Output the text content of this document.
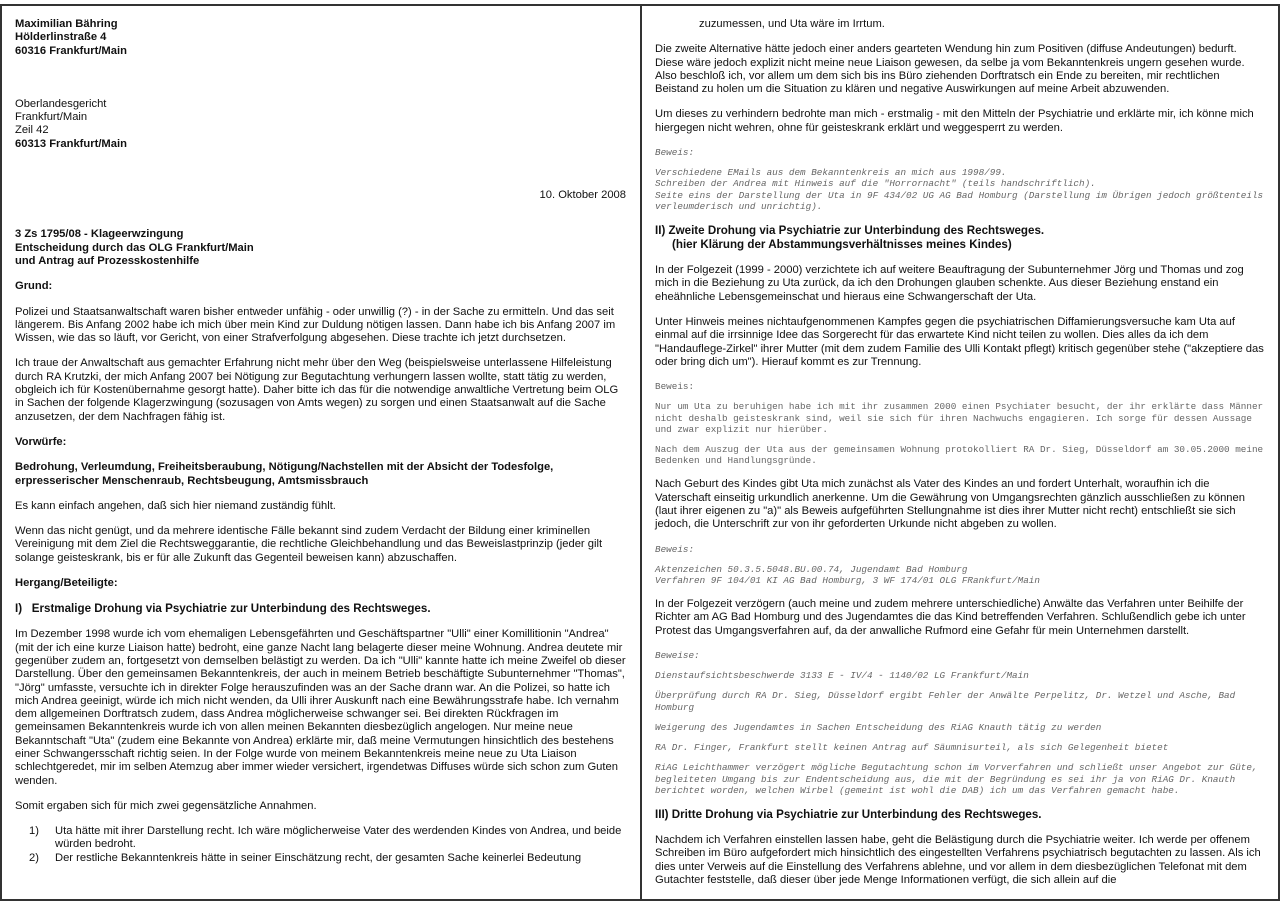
Maximilian Bähring

Hölderlinstraße 4

60316 Frankfurt/Main

Oberlandesgericht

Frankfurt/Main

Zeil 42

60313 Frankfurt/Main

10. Oktober 2008

3 Zs 1795/08 - Klageerwzingung

Entscheidung durch das OLG Frankfurt/Main

und Antrag auf Prozesskostenhilfe

Grund:

Polizei und Staatsanwaltschaft waren bisher entweder unfähig - oder unwillig (?) - in der Sache zu ermitteln. Und das seit längerem. Bis Anfang 2002 habe ich mich über mein Kind zur Duldung nötigen lassen. Dann habe ich bis Anfang 2007 im Wissen, wie das so läuft, vor Gericht, von einer Strafverfolgung abgesehen. Diese trachte ich jetzt durchsetzen.

Ich traue der Anwaltschaft aus gemachter Erfahrung nicht mehr über den Weg (beispielsweise unterlassene Hilfeleistung durch RA Krutzki, der mich Anfang 2007 bei Nötigung zur Begutachtung verhungern lassen wollte, statt tätig zu werden, obgleich ich für Kostenübernahme gesorgt hatte). Daher bitte ich das für die notwendige anwaltliche Vertretung beim OLG in Sachen der folgende Klagerzwingung (sozusagen von Amts wegen) zu sorgen und einen Staatsanwalt auf die Sache anzusetzen, der dem Nachfragen fähig ist.

Vorwürfe:

Bedrohung, Verleumdung, Freiheitsberaubung, Nötigung/Nachstellen mit der Absicht der Todesfolge, erpresserischer Menschenraub, Rechtsbeugung, Amtsmissbrauch

Es kann einfach angehen, daß sich hier niemand zuständig fühlt.

Wenn das nicht genügt, und da mehrere identische Fälle bekannt sind zudem Verdacht der Bildung einer kriminellen Vereinigung mit dem Ziel die Rechtsweggarantie, die rechtliche Gleichbehandlung und das Beweislastprinzip (jeder gilt solange geisteskrank, bis er für alle Zukunft das Gegenteil beweisen kann) abzuschaffen.

Hergang/Beteiligte:

I)   Erstmalige Drohung via Psychiatrie zur Unterbindung des Rechtsweges.

Im Dezember 1998 wurde ich vom ehemaligen Lebensgefährten und Geschäftspartner "Ulli" einer Komillitionin "Andrea" (mit der ich eine kurze Liaison hatte) bedroht, eine ganze Nacht lang belagerte dieser meine Wohnung. Andrea deutete mir gegenüber zudem an, fortgesetzt von demselben belästigt zu werden. Da ich "Ulli" kannte hatte ich meine Zweifel ob dieser Darstellung. Über den gemeinsamen Bekanntenkreis, der auch in meinem Betrieb beschäftigte Subunternehmer "Thomas", "Jörg" umfasste, versuchte ich in direkter Folge herauszufinden was an der Sache drann war. An die Polizei, so hatte ich mich Andrea geeinigt, würde ich mich nicht wenden, da Ulli ihrer Auskunft nach eine Bewährungsstrafe habe. Ich vernahm dem allgemeinen Dorftratsch zudem, dass Andrea möglicherweise schwanger sei. Bei direkten Rückfragen im gemeinsamen Bekanntenkreis wurde ich von allen meinen Bekannten diesbezüglich angelogen. Nur meine neue Bekanntschaft "Uta" (zudem eine Bekannte von Andrea) erklärte mir, daß meine Vermutungen hinsichtlich des bestehens einer Schwangersschaft richtig seien. In der Folge wurde von meinem Bekanntenkreis meine neue zu Uta Liaison schlechtgeredet, mir im selben Atemzug aber immer wieder versichert, irgendetwas Diffuses würde sich schon zum Guten wenden.

Somit ergaben sich für mich zwei gegensätzliche Annahmen.

1)	Uta hätte mit ihrer Darstellung recht. Ich wäre möglicherweise Vater des werdenden Kindes von Andrea, und beide würden bedroht.
2)	Der restliche Bekanntenkreis hätte in seiner Einschätzung recht, der gesamten Sache keinerlei Bedeutung

zuzumessen, und Uta wäre im Irrtum.

Die zweite Alternative hätte jedoch einer anders gearteten Wendung hin zum Positiven (diffuse Andeutungen) bedurft. Diese wäre jedoch explizit nicht meine neue Liaison gewesen, da selbe ja vom Bekanntenkreis ungern gesehen wurde. Also beschloß ich, vor allem um dem sich bis ins Büro ziehenden Dorftratsch ein Ende zu bereiten, mir rechtlichen Beistand zu holen um die Situation zu klären und negative Auswirkungen auf meine Arbeit abzuwenden.

Um dieses zu verhindern bedrohte man mich - erstmalig - mit den Mitteln der Psychiatrie und erklärte mir, ich könne mich hiergegen nicht wehren, ohne für geisteskrank erklärt und weggesperrt zu werden.

Beweis:

Verschiedene EMails aus dem Bekanntenkreis an mich aus 1998/99.

Schreiben der Andrea mit Hinweis auf die "Horrornacht" (teils handschriftlich).

Seite eins der Darstellung der Uta in 9F 434/02 UG AG Bad Homburg (Darstellung im Übrigen jedoch größtenteils verleumderisch und unrichtig).

II) Zweite Drohung via Psychiatrie zur Unterbindung des Rechtsweges.
(hier Klärung der Abstammungsverhältnisses meines Kindes)

In der Folgezeit (1999 - 2000) verzichtete ich auf weitere Beauftragung der Subunternehmer Jörg und Thomas und zog mich in die Beziehung zu Uta zurück, da ich den Drohungen glauben schenkte. Aus dieser Beziehung enstand ein eheähnliche Lebensgemeinschat und hieraus eine Schwangerschaft der Uta.

Unter Hinweis meines nichtaufgenommenen Kampfes gegen die psychiatrischen Diffamierungsversuche kam Uta auf einmal auf die irrsinnige Idee das Sorgerecht für das erwartete Kind nicht teilen zu wollen. Dies alles da ich dem "Handauflege-Zirkel" ihrer Mutter (mit dem zudem Familie des Ulli Kontakt pflegt) kritisch gegenüber stehe ("akzeptiere das oder bring dich um"). Hierauf kommt es zur Trennung.

Beweis:

Nur um Uta zu beruhigen habe ich mit ihr zusammen 2000 einen Psychiater besucht, der ihr erklärte dass Männer nicht deshalb geisteskrank sind, weil sie sich für ihren Nachwuchs engagieren. Ich sorge für dessen Aussage und zwar explizit nur hierüber.

Nach dem Auszug der Uta aus der gemeinsamen Wohnung protokolliert RA Dr. Sieg, Düsseldorf am 30.05.2000 meine Bedenken und Handlungsgründe.

Nach Geburt des Kindes gibt Uta mich zunächst als Vater des Kindes an und fordert Unterhalt, woraufhin ich die Vaterschaft einseitig urkundlich anerkenne. Um die Gewährung von Umgangsrechten gänzlich ausschließen zu können (laut ihrer eigenen zu "a)" als Beweis aufgeführten Stellungnahme ist dies ihrer Mutter nicht recht) entschließt sie sich jedoch, die Unterschrift zur von ihr geforderten Urkunde nicht abgeben zu wollen.

Beweis:

Aktenzeichen 50.3.5.5048.BU.00.74, Jugendamt Bad Homburg

Verfahren 9F 104/01 KI AG Bad Homburg, 3 WF 174/01 OLG FRankfurt/Main

In der Folgezeit verzögern (auch meine und zudem mehrere unterschiedliche) Anwälte das Verfahren unter Beihilfe der Richter am AG Bad Homburg und des Jugendamtes die das Kind betreffenden Verfahren. Schlußendlich gebe ich unter Protest das Umgangsverfahren auf, da der anwalliche Rufmord eine Gefahr für mein Unternehmen darstellt.

Beweise:

Dienstaufsichtsbeschwerde 3133 E - IV/4 - 1140/02 LG Frankfurt/Main

Überprüfung durch RA Dr. Sieg, Düsseldorf ergibt Fehler der Anwälte Perpelitz, Dr. Wetzel und Asche, Bad Homburg

Weigerung des Jugendamtes in Sachen Entscheidung des RiAG Knauth tätig zu werden

RA Dr. Finger, Frankfurt stellt keinen Antrag auf Säumnisurteil, als sich Gelegenheit bietet

RiAG Leichthammer verzögert mögliche Begutachtung schon im Vorverfahren und schließt unser Angebot zur Güte, begleiteten Umgang bis zur Endentscheidung aus, die mit der Begründung es sei ihr ja von RiAG Dr. Knauth berichtet worden, welchen Wirbel (gemeint ist wohl die DAB) ich um das Verfahren gemacht habe.

III) Dritte Drohung via Psychiatrie zur Unterbindung des Rechtsweges.

Nachdem ich Verfahren einstellen lassen habe, geht die Belästigung durch die Psychiatrie weiter. Ich werde per offenem Schreiben im Büro aufgefordert mich hinsichtlich des eingestellten Verfahrens psychiatrisch begutachten zu lassen. Als ich dies unter Verweis auf die Einstellung des Verfahrens ablehne, und vor allem in dem diesbezüglichen Telefonat mit dem Gutachter feststelle, daß dieser über jede Menge Informationen verfügt, die sich allein auf die
